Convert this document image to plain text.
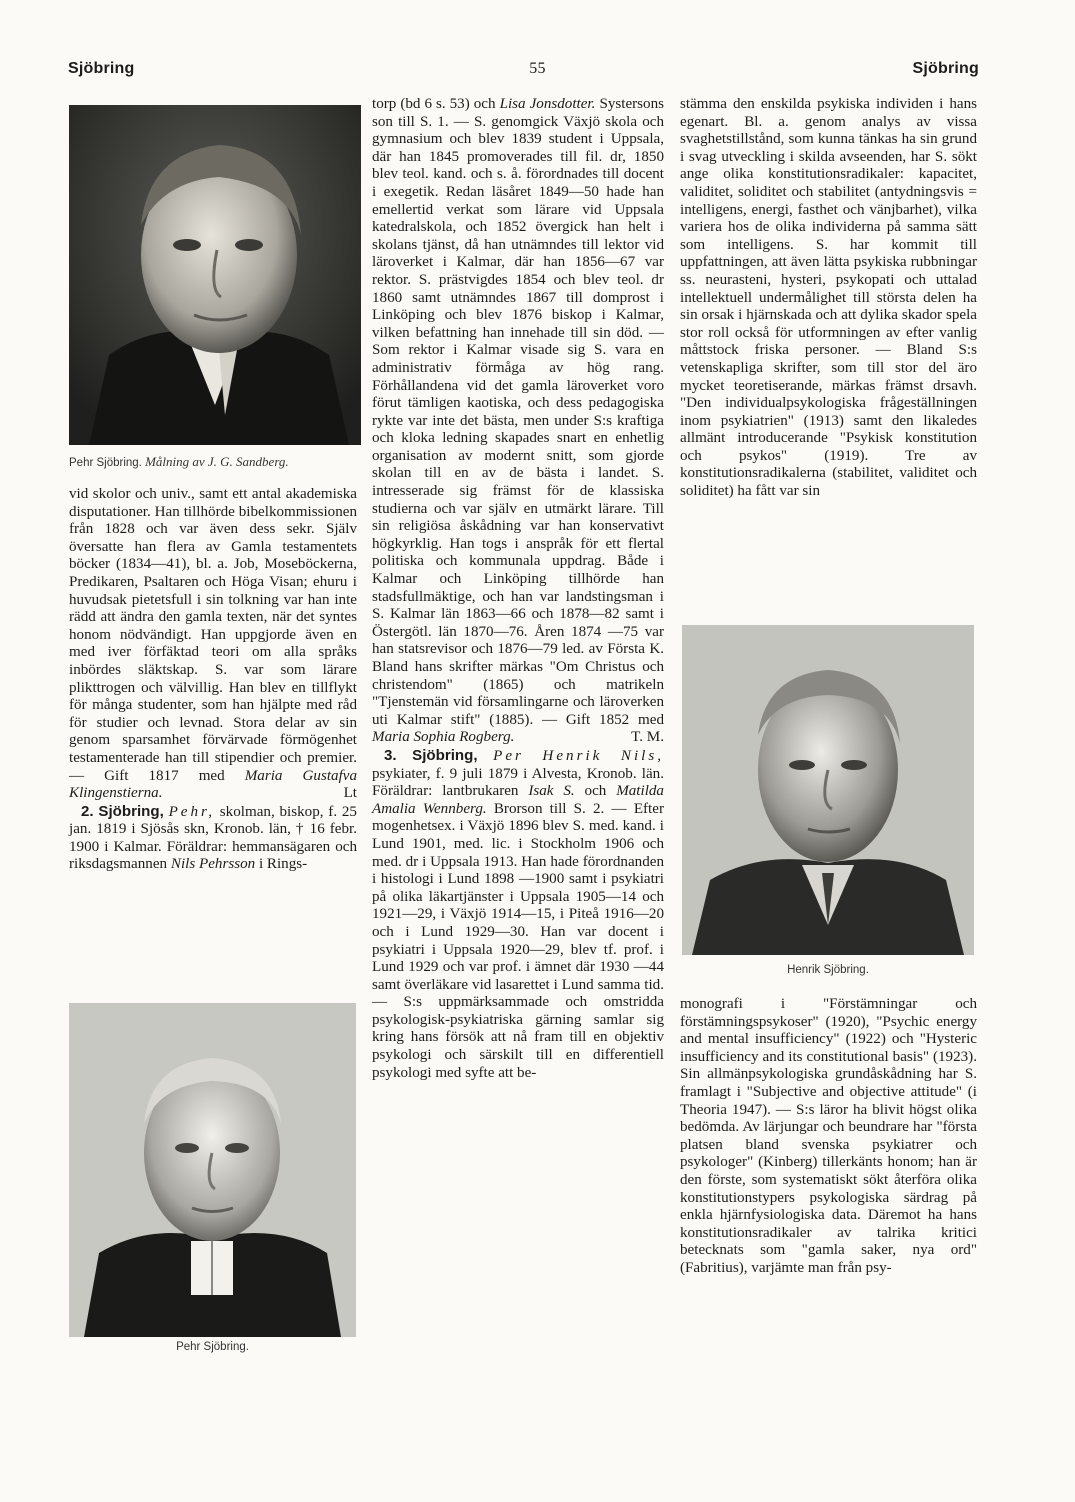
Sjöbring	55	Sjöbring
Pehr Sjöbring. Målning av J. G. Sandberg.

vid skolor och univ., samt ett antal akademiska disputationer. Han tillhörde bibelkommissionen från 1828 och var även dess sekr. Själv översatte han flera av Gamla testamentets böcker (1834—41), bl. a. Job, Moseböckerna, Predikaren, Psaltaren och Höga Visan; ehuru i huvudsak pietetsfull i sin tolkning var han inte rädd att ändra den gamla texten, när det syntes honom nödvändigt. Han uppgjorde även en med iver förfäktad teori om alla språks inbördes släktskap. S. var som lärare plikttrogen och välvillig. Han blev en tillflykt för många studenter, som han hjälpte med råd för studier och levnad. Stora delar av sin genom sparsamhet förvärvade förmögenhet testamenterade han till stipendier och premier. — Gift 1817 med Maria Gustafva Klingenstierna.	Lt

2. Sjöbring, Pehr, skolman, biskop, f. 25 jan. 1819 i Sjösås skn, Kronob. län, † 16 febr. 1900 i Kalmar. Föräldrar: hemmansägaren och riksdagsmannen Nils Pehrsson i Rings-

Pehr Sjöbring.

torp (bd 6 s. 53) och Lisa Jonsdotter. Systersons son till S. 1. — S. genomgick Växjö skola och gymnasium och blev 1839 student i Uppsala, där han 1845 promoverades till fil. dr, 1850 blev teol. kand. och s. å. förordnades till docent i exegetik. Redan läsåret 1849—50 hade han emellertid verkat som lärare vid Uppsala katedralskola, och 1852 övergick han helt i skolans tjänst, då han utnämndes till lektor vid läroverket i Kalmar, där han 1856—67 var rektor. S. prästvigdes 1854 och blev teol. dr 1860 samt utnämndes 1867 till domprost i Linköping och blev 1876 biskop i Kalmar, vilken befattning han innehade till sin död. — Som rektor i Kalmar visade sig S. vara en administrativ förmåga av hög rang. Förhållandena vid det gamla läroverket voro förut tämligen kaotiska, och dess pedagogiska rykte var inte det bästa, men under S:s kraftiga och kloka ledning skapades snart en enhetlig organisation av modernt snitt, som gjorde skolan till en av de bästa i landet. S. intresserade sig främst för de klassiska studierna och var själv en utmärkt lärare. Till sin religiösa åskådning var han konservativt högkyrklig. Han togs i anspråk för ett flertal politiska och kommunala uppdrag. Både i Kalmar och Linköping tillhörde han stadsfullmäktige, och han var landstingsman i S. Kalmar län 1863—66 och 1878—82 samt i Östergötl. län 1870—76. Åren 1874 —75 var han statsrevisor och 1876—79 led. av Första K. Bland hans skrifter märkas "Om Christus och christendom" (1865) och matrikeln "Tjenstemän vid församlingarne och läroverken uti Kalmar stift" (1885). — Gift 1852 med Maria Sophia Rogberg.	T. M.

3. Sjöbring, Per Henrik Nils, psykiater, f. 9 juli 1879 i Alvesta, Kronob. län. Föräldrar: lantbrukaren Isak S. och Matilda Amalia Wennberg. Brorson till S. 2. — Efter mogenhetsex. i Växjö 1896 blev S. med. kand. i Lund 1901, med. lic. i Stockholm 1906 och med. dr i Uppsala 1913. Han hade förordnanden i histologi i Lund 1898 —1900 samt i psykiatri på olika läkartjänster i Uppsala 1905—14 och 1921—29, i Växjö 1914—15, i Piteå 1916—20 och i Lund 1929—30. Han var docent i psykiatri i Uppsala 1920—29, blev tf. prof. i Lund 1929 och var prof. i ämnet där 1930 —44 samt överläkare vid lasarettet i Lund samma tid. — S:s uppmärksammade och omstridda psykologisk-psykiatriska gärning samlar sig kring hans försök att nå fram till en objektiv psykologi och särskilt till en differentiell psykologi med syfte att be-

stämma den enskilda psykiska individen i hans egenart. Bl. a. genom analys av vissa svaghetstillstånd, som kunna tänkas ha sin grund i svag utveckling i skilda avseenden, har S. sökt ange olika konstitutionsradikaler: kapacitet, validitet, soliditet och stabilitet (antydningsvis = intelligens, energi, fasthet och vänjbarhet), vilka variera hos de olika individerna på samma sätt som intelligens. S. har kommit till uppfattningen, att även lätta psykiska rubbningar ss. neurasteni, hysteri, psykopati och uttalad intellektuell undermålighet till största delen ha sin orsak i hjärnskada och att dylika skador spela stor roll också för utformningen av efter vanlig måttstock friska personer. — Bland S:s vetenskapliga skrifter, som till stor del äro mycket teoretiserande, märkas främst drsavh. "Den individualpsykologiska frågeställningen inom psykiatrien" (1913) samt den likaledes allmänt introducerande "Psykisk konstitution och psykos" (1919). Tre av konstitutionsradikalerna (stabilitet, validitet och soliditet) ha fått var sin

Henrik Sjöbring.

monografi i "Förstämningar och förstämningspsykoser" (1920), "Psychic energy and mental insufficiency" (1922) och "Hysteric insufficiency and its constitutional basis" (1923). Sin allmänpsykologiska grundåskådning har S. framlagt i "Subjective and objective attitude" (i Theoria 1947). — S:s läror ha blivit högst olika bedömda. Av lärjungar och beundrare har "första platsen bland svenska psykiatrer och psykologer" (Kinberg) tillerkänts honom; han är den förste, som systematiskt sökt återföra olika konstitutionstypers psykologiska särdrag på enkla hjärnfysiologiska data. Däremot ha hans konstitutionsradikaler av talrika kritici betecknats som "gamla saker, nya ord" (Fabritius), varjämte man från psy-
